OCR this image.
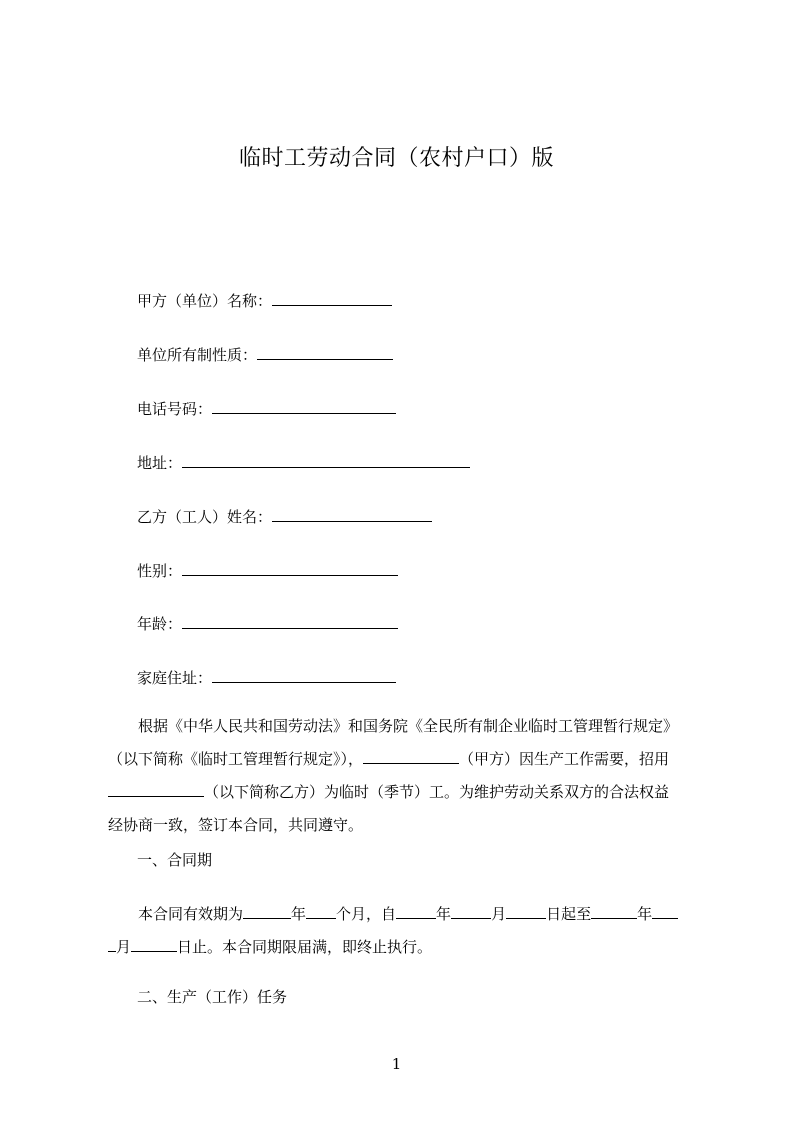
临时工劳动合同（农村户口）版
甲方（单位）名称：
单位所有制性质：
电话号码：
地址：
乙方（工人）姓名：
性别：
年龄：
家庭住址：
根据《中华人民共和国劳动法》和国务院《全民所有制企业临时工管理暂行规定》
（以下简称《临时工管理暂行规定》），	（甲方）因生产工作需要，招用
（以下简称乙方）为临时（季节）工。为维护劳动关系双方的合法权益
经协商一致，签订本合同，共同遵守。
一、合同期
本合同有效期为	年 个月，自	年	月	日起至	年
月	日止。本合同期限届满，即终止执行。
二、生产（工作）任务
1
